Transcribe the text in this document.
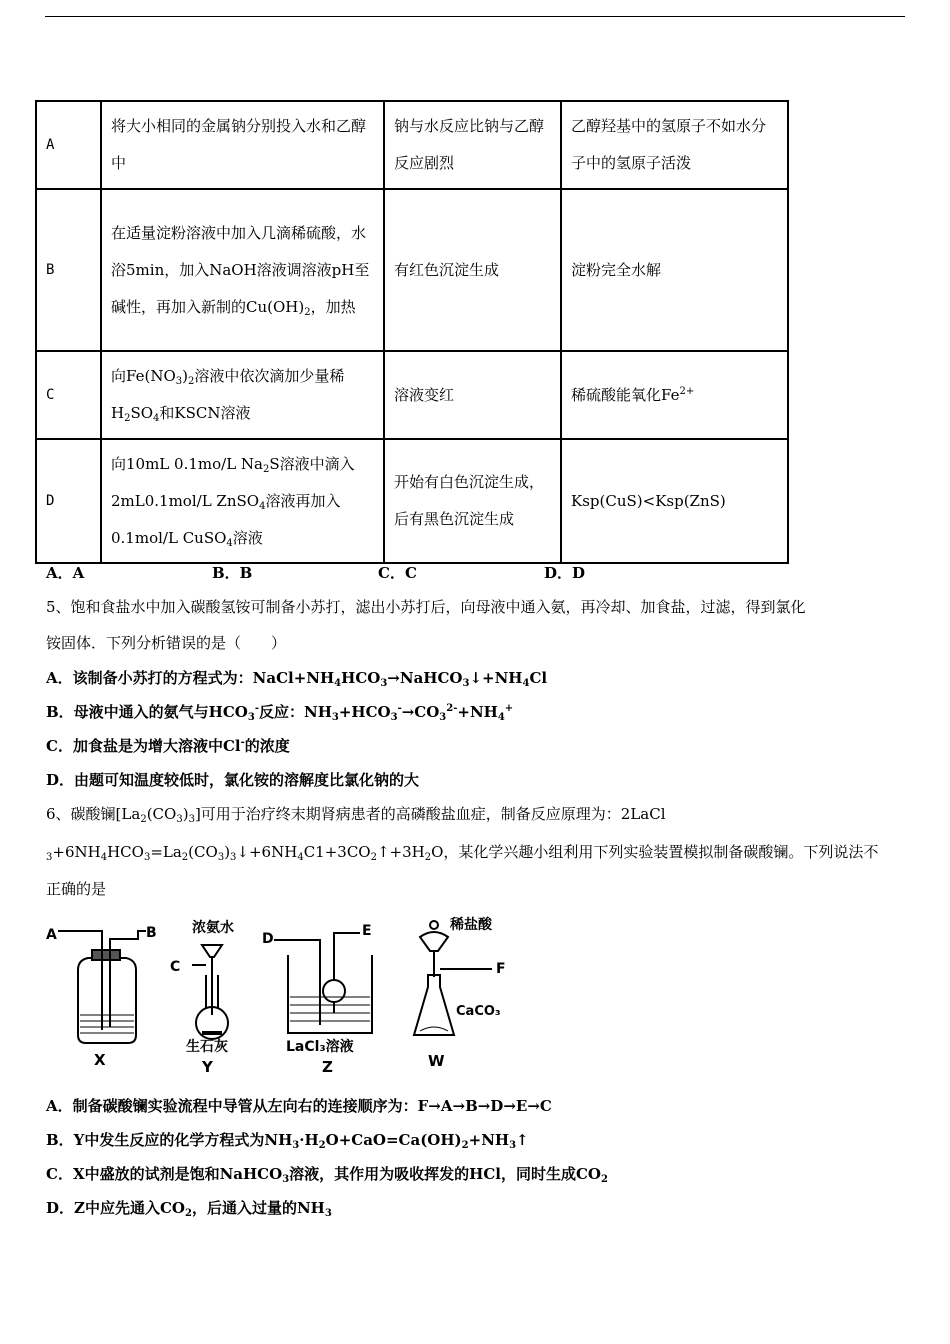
A	将大小相同的金属钠分别投入水和乙醇中	钠与水反应比钠与乙醇反应剧烈	乙醇羟基中的氢原子不如水分子中的氢原子活泼
B	在适量淀粉溶液中加入几滴稀硫酸，水浴5min，加入NaOH溶液调溶液pH至碱性，再加入新制的$Cu(OH)_2$，加热	有红色沉淀生成	淀粉完全水解
C	向$Fe(NO_3)_2$溶液中依次滴加少量稀$H_2SO_4$和KSCN溶液	溶液变红	稀硫酸能氧化$Fe^{2+}$
D	向10mL 0.1mo/L $Na_2S$溶液中滴入2mL0.1mol/L ZnSO$_4$溶液再加入0.1mol/L CuSO$_4$溶液	开始有白色沉淀生成，后有黑色沉淀生成	Ksp(CuS)<Ksp(ZnS)
A．A	B．B	C．C	D．D
5、饱和食盐水中加入碳酸氢铵可制备小苏打，滤出小苏打后，向母液中通入氨，再冷却、加食盐，过滤，得到氯化
铵固体．下列分析错误的是（　　）
A．该制备小苏打的方程式为：$NaCl+NH_4HCO_3\to NaHCO_3↓+NH_4Cl$
B．母液中通入的氨气与$HCO_3^-$反应：$NH_3+HCO_3^-\to CO_3^{2-}+NH_4^+$
C．加食盐是为增大溶液中Cl-的浓度
D．由题可知温度较低时，氯化铵的溶解度比氯化钠的大
6、碳酸镧$[La_2(CO_3)_3]$可用于治疗终末期肾病患者的高磷酸盐血症，制备反应原理为：2LaCl
$_3+6NH_4HCO_3=La_2(CO_3)_3↓+6NH_4C1+3CO_2↑+3H_2O$，某化学兴趣小组利用下列实验装置模拟制备碳酸镧。下列说法不
正确的是
A	B
X
浓氨水
C
生石灰
Y
D	E
LaCl₃溶液
Z
稀盐酸
F
CaCO₃
W
A．制备碳酸镧实验流程中导管从左向右的连接顺序为：F→A→B→D→E→C
B．Y中发生反应的化学方程式为$NH_3\cdot H_2O+CaO=Ca(OH)_2+NH_3↑$
C．X中盛放的试剂是饱和NaHCO$_3$溶液，其作用为吸收挥发的HCl，同时生成$CO_2$
D．Z中应先通入$CO_2$，后通入过量的$NH_3$
